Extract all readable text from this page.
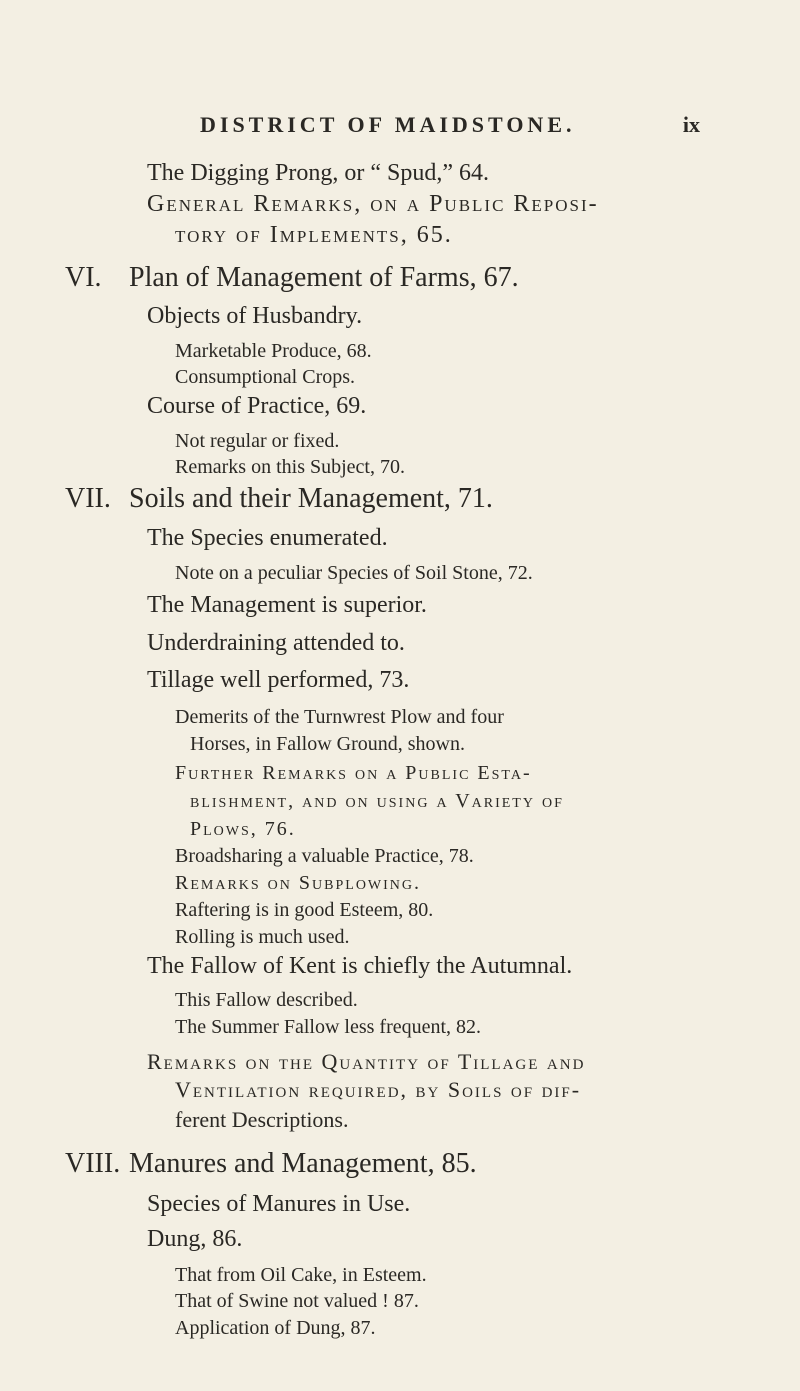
DISTRICT OF MAIDSTONE.	ix
The Digging Prong, or “ Spud,” 64.
General Remarks, on a Public Reposi-
tory of Implements, 65.
VI. Plan of Management of Farms, 67.
Objects of Husbandry.
Marketable Produce, 68.
Consumptional Crops.
Course of Practice, 69.
Not regular or fixed.
Remarks on this Subject, 70.
VII. Soils and their Management, 71.
The Species enumerated.
Note on a peculiar Species of Soil Stone, 72.
The Management is superior.
Underdraining attended to.
Tillage well performed, 73.
Demerits of the Turnwrest Plow and four
Horses, in Fallow Ground, shown.
Further Remarks on a Public Esta-
blishment, and on using a Variety of
Plows, 76.
Broadsharing a valuable Practice, 78.
Remarks on Subplowing.
Raftering is in good Esteem, 80.
Rolling is much used.
The Fallow of Kent is chiefly the Autumnal.
This Fallow described.
The Summer Fallow less frequent, 82.
Remarks on the Quantity of Tillage and
Ventilation required, by Soils of dif-
ferent Descriptions.
VIII. Manures and Management, 85.
Species of Manures in Use.
Dung, 86.
That from Oil Cake, in Esteem.
That of Swine not valued ! 87.
Application of Dung, 87.
